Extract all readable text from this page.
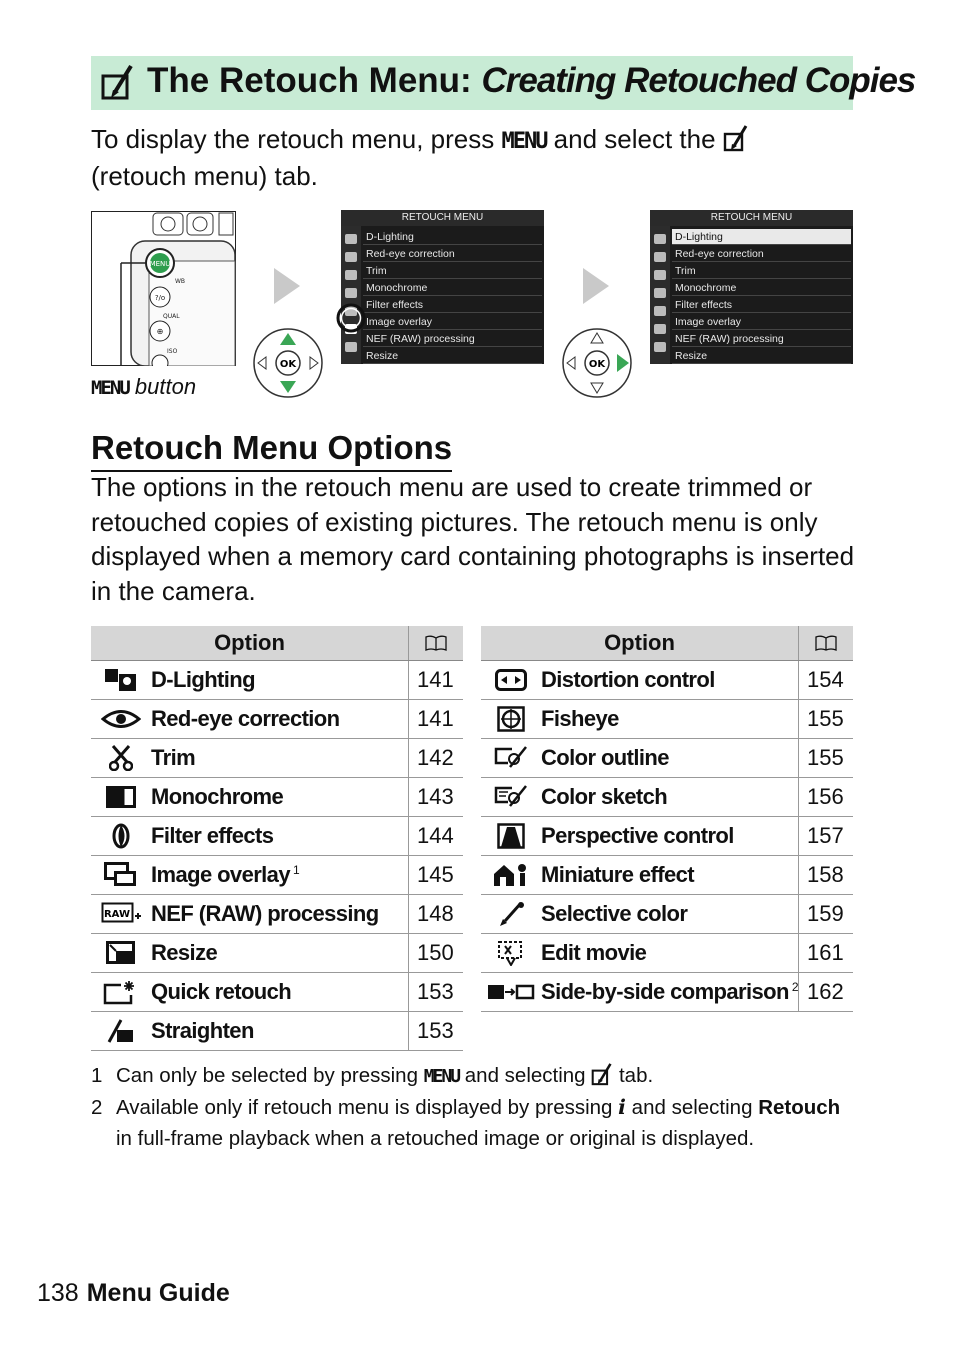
The Retouch Menu: Creating Retouched Copies
To display the retouch menu, press MENU and select the
(retouch menu) tab.
MENU
WB
?/o
QUAL
⊕
ISO
MENU button
OK
RETOUCH MENU
D-Lighting
Red-eye correction
Trim
Monochrome
Filter effects
Image overlay
NEF (RAW) processing
Resize
OK
RETOUCH MENU
D-Lighting
Red-eye correction
Trim
Monochrome
Filter effects
Image overlay
NEF (RAW) processing
Resize
Retouch Menu Options
The options in the retouch menu are used to create trimmed or retouched copies of existing pictures. The retouch menu is only displayed when a memory card containing photographs is inserted in the camera.
Option	

	D-Lighting	141

	Red-eye correction	141

	Trim	142

	Monochrome	143

	Filter effects	144

	Image overlay $^1$	145

RAW	NEF (RAW) processing	148

	Resize	150

	Quick retouch	153

	Straighten	153
Option	

	Distortion control	154

	Fisheye	155

	Color outline	155

	Color sketch	156

	Perspective control	157

	Miniature effect	158

	Selective color	159

	Edit movie	161

	Side-by-side comparison $^2$	162
1 Can only be selected by pressing MENU and selecting tab.
2 Available only if retouch menu is displayed by pressing i and selecting Retouch in full-frame playback when a retouched image or original is displayed.
138 Menu Guide
